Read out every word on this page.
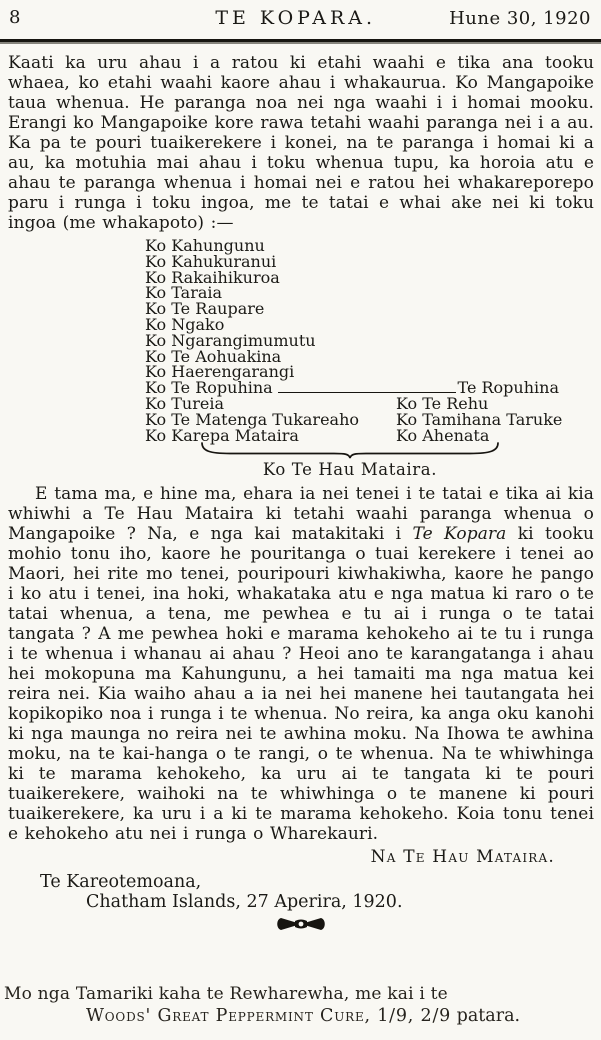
8	TE KOPARA.	Hune 30, 1920

Kaati ka uru ahau i a ratou ki etahi waahi e tika ana tooku whaea, ko etahi waahi kaore ahau i whakaurua. Ko Mangapoike taua whenua. He paranga noa nei nga waahi i i homai mooku. Erangi ko Mangapoike kore rawa tetahi waahi paranga nei i a au. Ka pa te pouri tuaikerekere i konei, na te paranga i homai ki a au, ka motuhia mai ahau i toku whenua tupu, ka horoia atu e ahau te paranga whenua i homai nei e ratou hei whakareporepo paru i runga i toku ingoa, me te tatai e whai ake nei ki toku ingoa (me whakapoto) :—

Ko Kahungunu
Ko Kahukuranui
Ko Rakaihikuroa
Ko Taraia
Ko Te Raupare
Ko Ngako
Ko Ngarangimumutu
Ko Te Aohuakina
Ko Haerengarangi
Ko Te Ropuhina	Te Ropuhina
Ko Tureia	Ko Te Rehu
Ko Te Matenga Tukareaho	Ko Tamihana Taruke
Ko Karepa Mataira	Ko Ahenata
Ko Te Hau Mataira.

E tama ma, e hine ma, ehara ia nei tenei i te tatai e tika ai kia whiwhi a Te Hau Mataira ki tetahi waahi paranga whenua o Mangapoike ? Na, e nga kai matakitaki i Te Kopara ki tooku mohio tonu iho, kaore he pouritanga o tuai kerekere i tenei ao Maori, hei rite mo tenei, pouripouri kiwhakiwha, kaore he pango i ko atu i tenei, ina hoki, whakataka atu e nga matua ki raro o te tatai whenua, a tena, me pewhea e tu ai i runga o te tatai tangata ? A me pewhea hoki e marama kehokeho ai te tu i runga i te whenua i whanau ai ahau ? Heoi ano te karangatanga i ahau hei mokopuna ma Kahungunu, a hei tamaiti ma nga matua kei reira nei. Kia waiho ahau a ia nei hei manene hei tautangata hei kopikopiko noa i runga i te whenua. No reira, ka anga oku kanohi ki nga maunga no reira nei te awhina moku. Na Ihowa te awhina moku, na te kai-hanga o te rangi, o te whenua. Na te whiwhinga ki te marama kehokeho, ka uru ai te tangata ki te pouri tuaikerekere, waihoki na te whiwhinga o te manene ki pouri tuaikerekere, ka uru i a ki te marama kehokeho. Koia tonu tenei e kehokeho atu nei i runga o Wharekauri.

Na Te Hau Mataira.
Te Kareotemoana,
Chatham Islands, 27 Aperira, 1920.
Mo nga Tamariki kaha te Rewharewha, me kai i te
Woods' Great Peppermint Cure, 1/9, 2/9 patara.
